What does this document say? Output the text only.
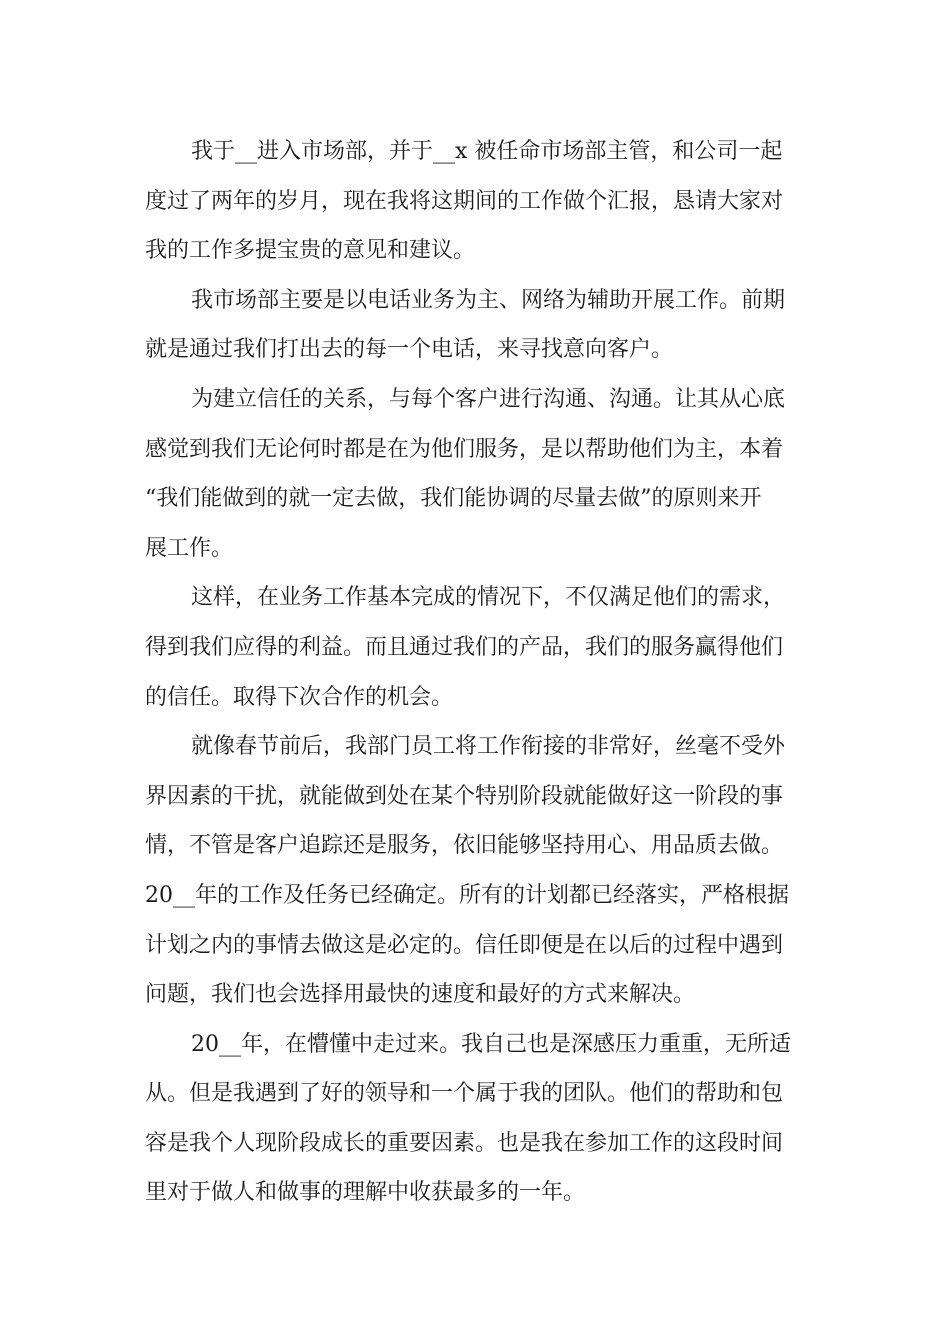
我于__进入市场部，并于__x 被任命市场部主管，和公司一起
度过了两年的岁月，现在我将这期间的工作做个汇报，恳请大家对
我的工作多提宝贵的意见和建议。
我市场部主要是以电话业务为主、网络为辅助开展工作。前期
就是通过我们打出去的每一个电话，来寻找意向客户。
为建立信任的关系，与每个客户进行沟通、沟通。让其从心底
感觉到我们无论何时都是在为他们服务，是以帮助他们为主，本着
“我们能做到的就一定去做，我们能协调的尽量去做”的原则来开
展工作。
这样，在业务工作基本完成的情况下，不仅满足他们的需求，
得到我们应得的利益。而且通过我们的产品，我们的服务赢得他们
的信任。取得下次合作的机会。
就像春节前后，我部门员工将工作衔接的非常好，丝毫不受外
界因素的干扰，就能做到处在某个特别阶段就能做好这一阶段的事
情，不管是客户追踪还是服务，依旧能够坚持用心、用品质去做。
20__年的工作及任务已经确定。所有的计划都已经落实，严格根据
计划之内的事情去做这是必定的。信任即便是在以后的过程中遇到
问题，我们也会选择用最快的速度和最好的方式来解决。
20__年，在懵懂中走过来。我自己也是深感压力重重，无所适
从。但是我遇到了好的领导和一个属于我的团队。他们的帮助和包
容是我个人现阶段成长的重要因素。也是我在参加工作的这段时间
里对于做人和做事的理解中收获最多的一年。
